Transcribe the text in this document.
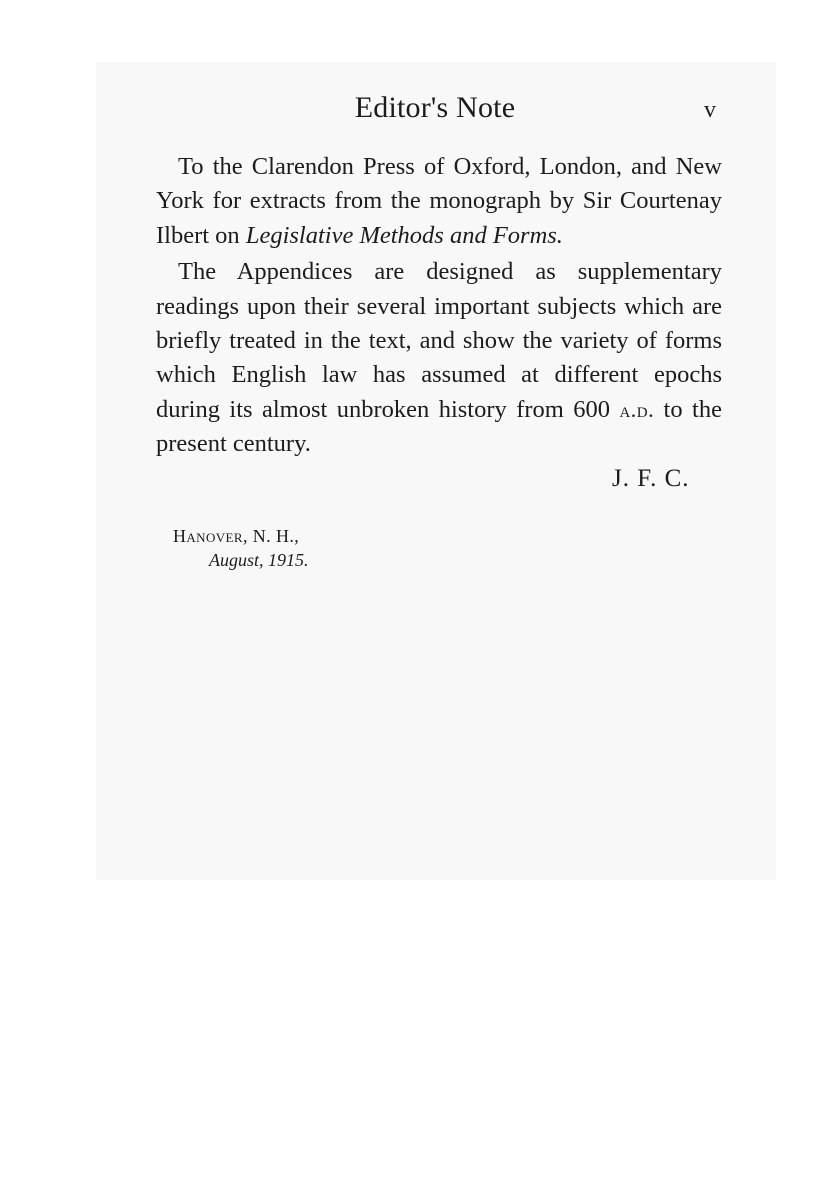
Editor's Note	v

To the Clarendon Press of Oxford, London, and New York for extracts from the monograph by Sir Courtenay Ilbert on Legislative Methods and Forms.

The Appendices are designed as supplementary readings upon their several important subjects which are briefly treated in the text, and show the variety of forms which English law has assumed at different epochs during its almost unbroken history from 600 a.d. to the present century.

J. F. C.
Hanover, N. H.,
August, 1915.
